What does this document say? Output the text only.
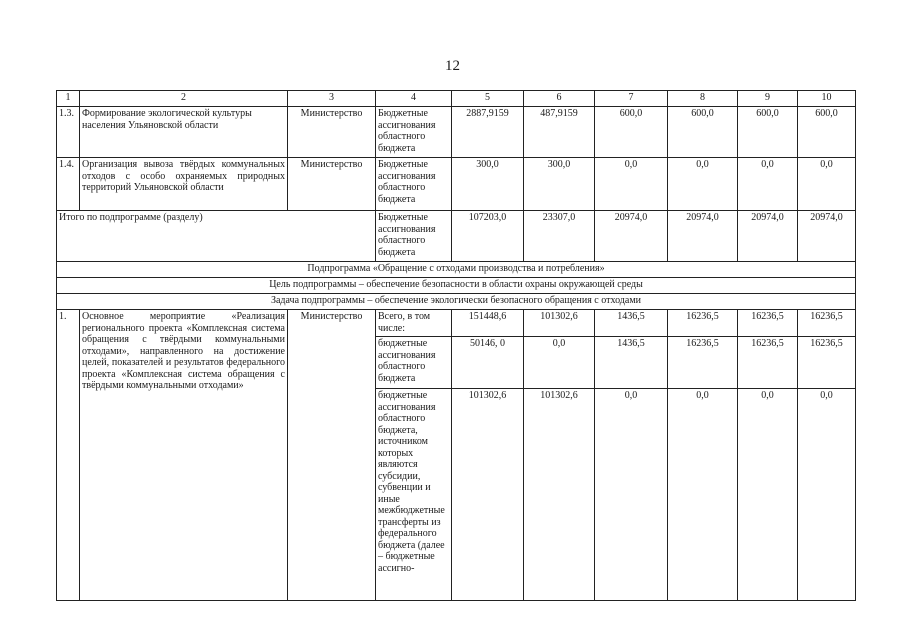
12
1	2	3	4	5	6	7	8	9	10
1.3.	Формирование экологической культуры населения Ульяновской области	Министерство	Бюджетные ассигнования областного бюджета	2887,9159	487,9159	600,0	600,0	600,0	600,0
1.4.	Организация вывоза твёрдых коммунальных отходов с особо охраняемых природных территорий Ульяновской области	Министерство	Бюджетные ассигнования областного бюджета	300,0	300,0	0,0	0,0	0,0	0,0
Итого по подпрограмме (разделу)			Бюджетные ассигнования областного бюджета	107203,0	23307,0	20974,0	20974,0	20974,0	20974,0
Подпрограмма «Обращение с отходами производства и потребления»									
Цель подпрограммы – обеспечение безопасности в области охраны окружающей среды									
Задача подпрограммы – обеспечение экологически безопасного обращения с отходами									
1.	Основное мероприятие «Реализация регионального проекта «Комплексная система обращения с твёрдыми коммунальными отходами», направленного на достижение целей, показателей и результатов федерального проекта «Комплексная система обращения с твёрдыми коммунальными отходами»	Министерство	Всего, в том числе:	151448,6	101302,6	1436,5	16236,5	16236,5	16236,5
			бюджетные ассигнования областного бюджета	50146, 0	0,0	1436,5	16236,5	16236,5	16236,5
			бюджетные ассигнования областного бюджета, источником которых являются субсидии, субвенции и иные межбюджетные трансферты из федерального бюджета (далее – бюджетные ассигно-	101302,6	101302,6	0,0	0,0	0,0	0,0
